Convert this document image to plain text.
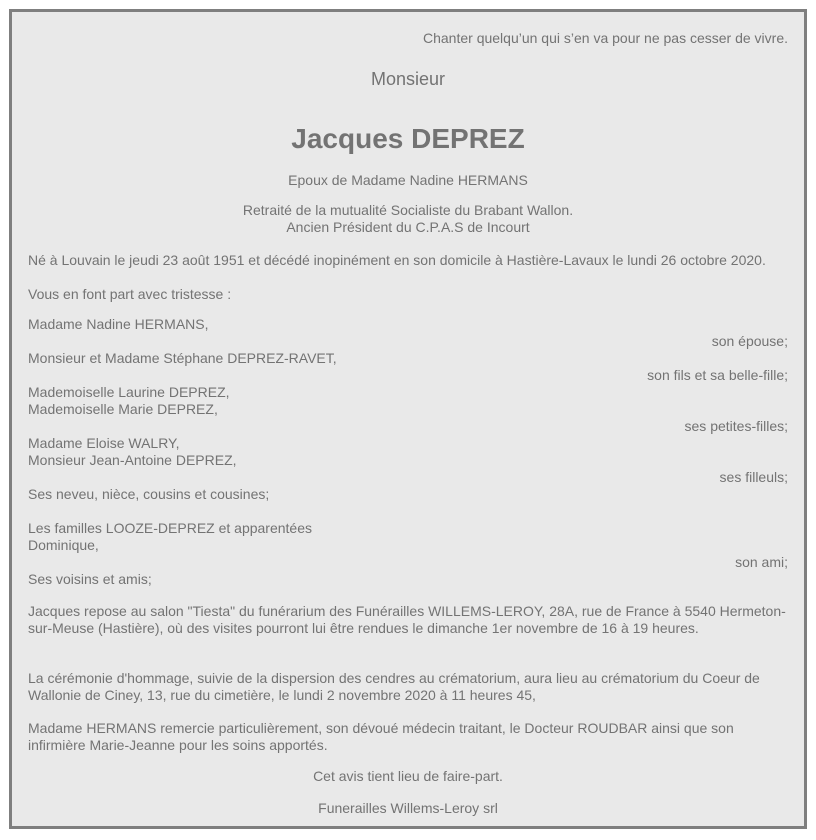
Chanter quelqu’un qui s’en va pour ne pas cesser de vivre.
Monsieur
Jacques DEPREZ
Epoux de Madame Nadine HERMANS
Retraité de la mutualité Socialiste du Brabant Wallon.
Ancien Président du C.P.A.S de Incourt
Né à Louvain le jeudi 23 août 1951 et décédé inopinément en son domicile à Hastière-Lavaux le lundi 26 octobre 2020.
Vous en font part avec tristesse :
Madame Nadine HERMANS,
son épouse;
Monsieur et Madame Stéphane DEPREZ-RAVET,
son fils et sa belle-fille;
Mademoiselle Laurine DEPREZ,
Mademoiselle Marie DEPREZ,
ses petites-filles;
Madame Eloise WALRY,
Monsieur Jean-Antoine DEPREZ,
ses filleuls;
Ses neveu, nièce, cousins et cousines;
Les familles LOOZE-DEPREZ et apparentées
Dominique,
son ami;
Ses voisins et amis;
Jacques repose au salon "Tiesta" du funérarium des Funérailles WILLEMS-LEROY, 28A, rue de France à 5540 Hermeton-sur-Meuse (Hastière), où des visites pourront lui être rendues le dimanche 1er novembre de 16 à 19 heures.
La cérémonie d'hommage, suivie de la dispersion des cendres au crématorium, aura lieu au crématorium du Coeur de Wallonie de Ciney, 13, rue du cimetière, le lundi 2 novembre 2020 à 11 heures 45,
Madame HERMANS remercie particulièrement, son dévoué médecin traitant, le Docteur ROUDBAR ainsi que son infirmière Marie-Jeanne pour les soins apportés.
Cet avis tient lieu de faire-part.
Funerailles Willems-Leroy srl
